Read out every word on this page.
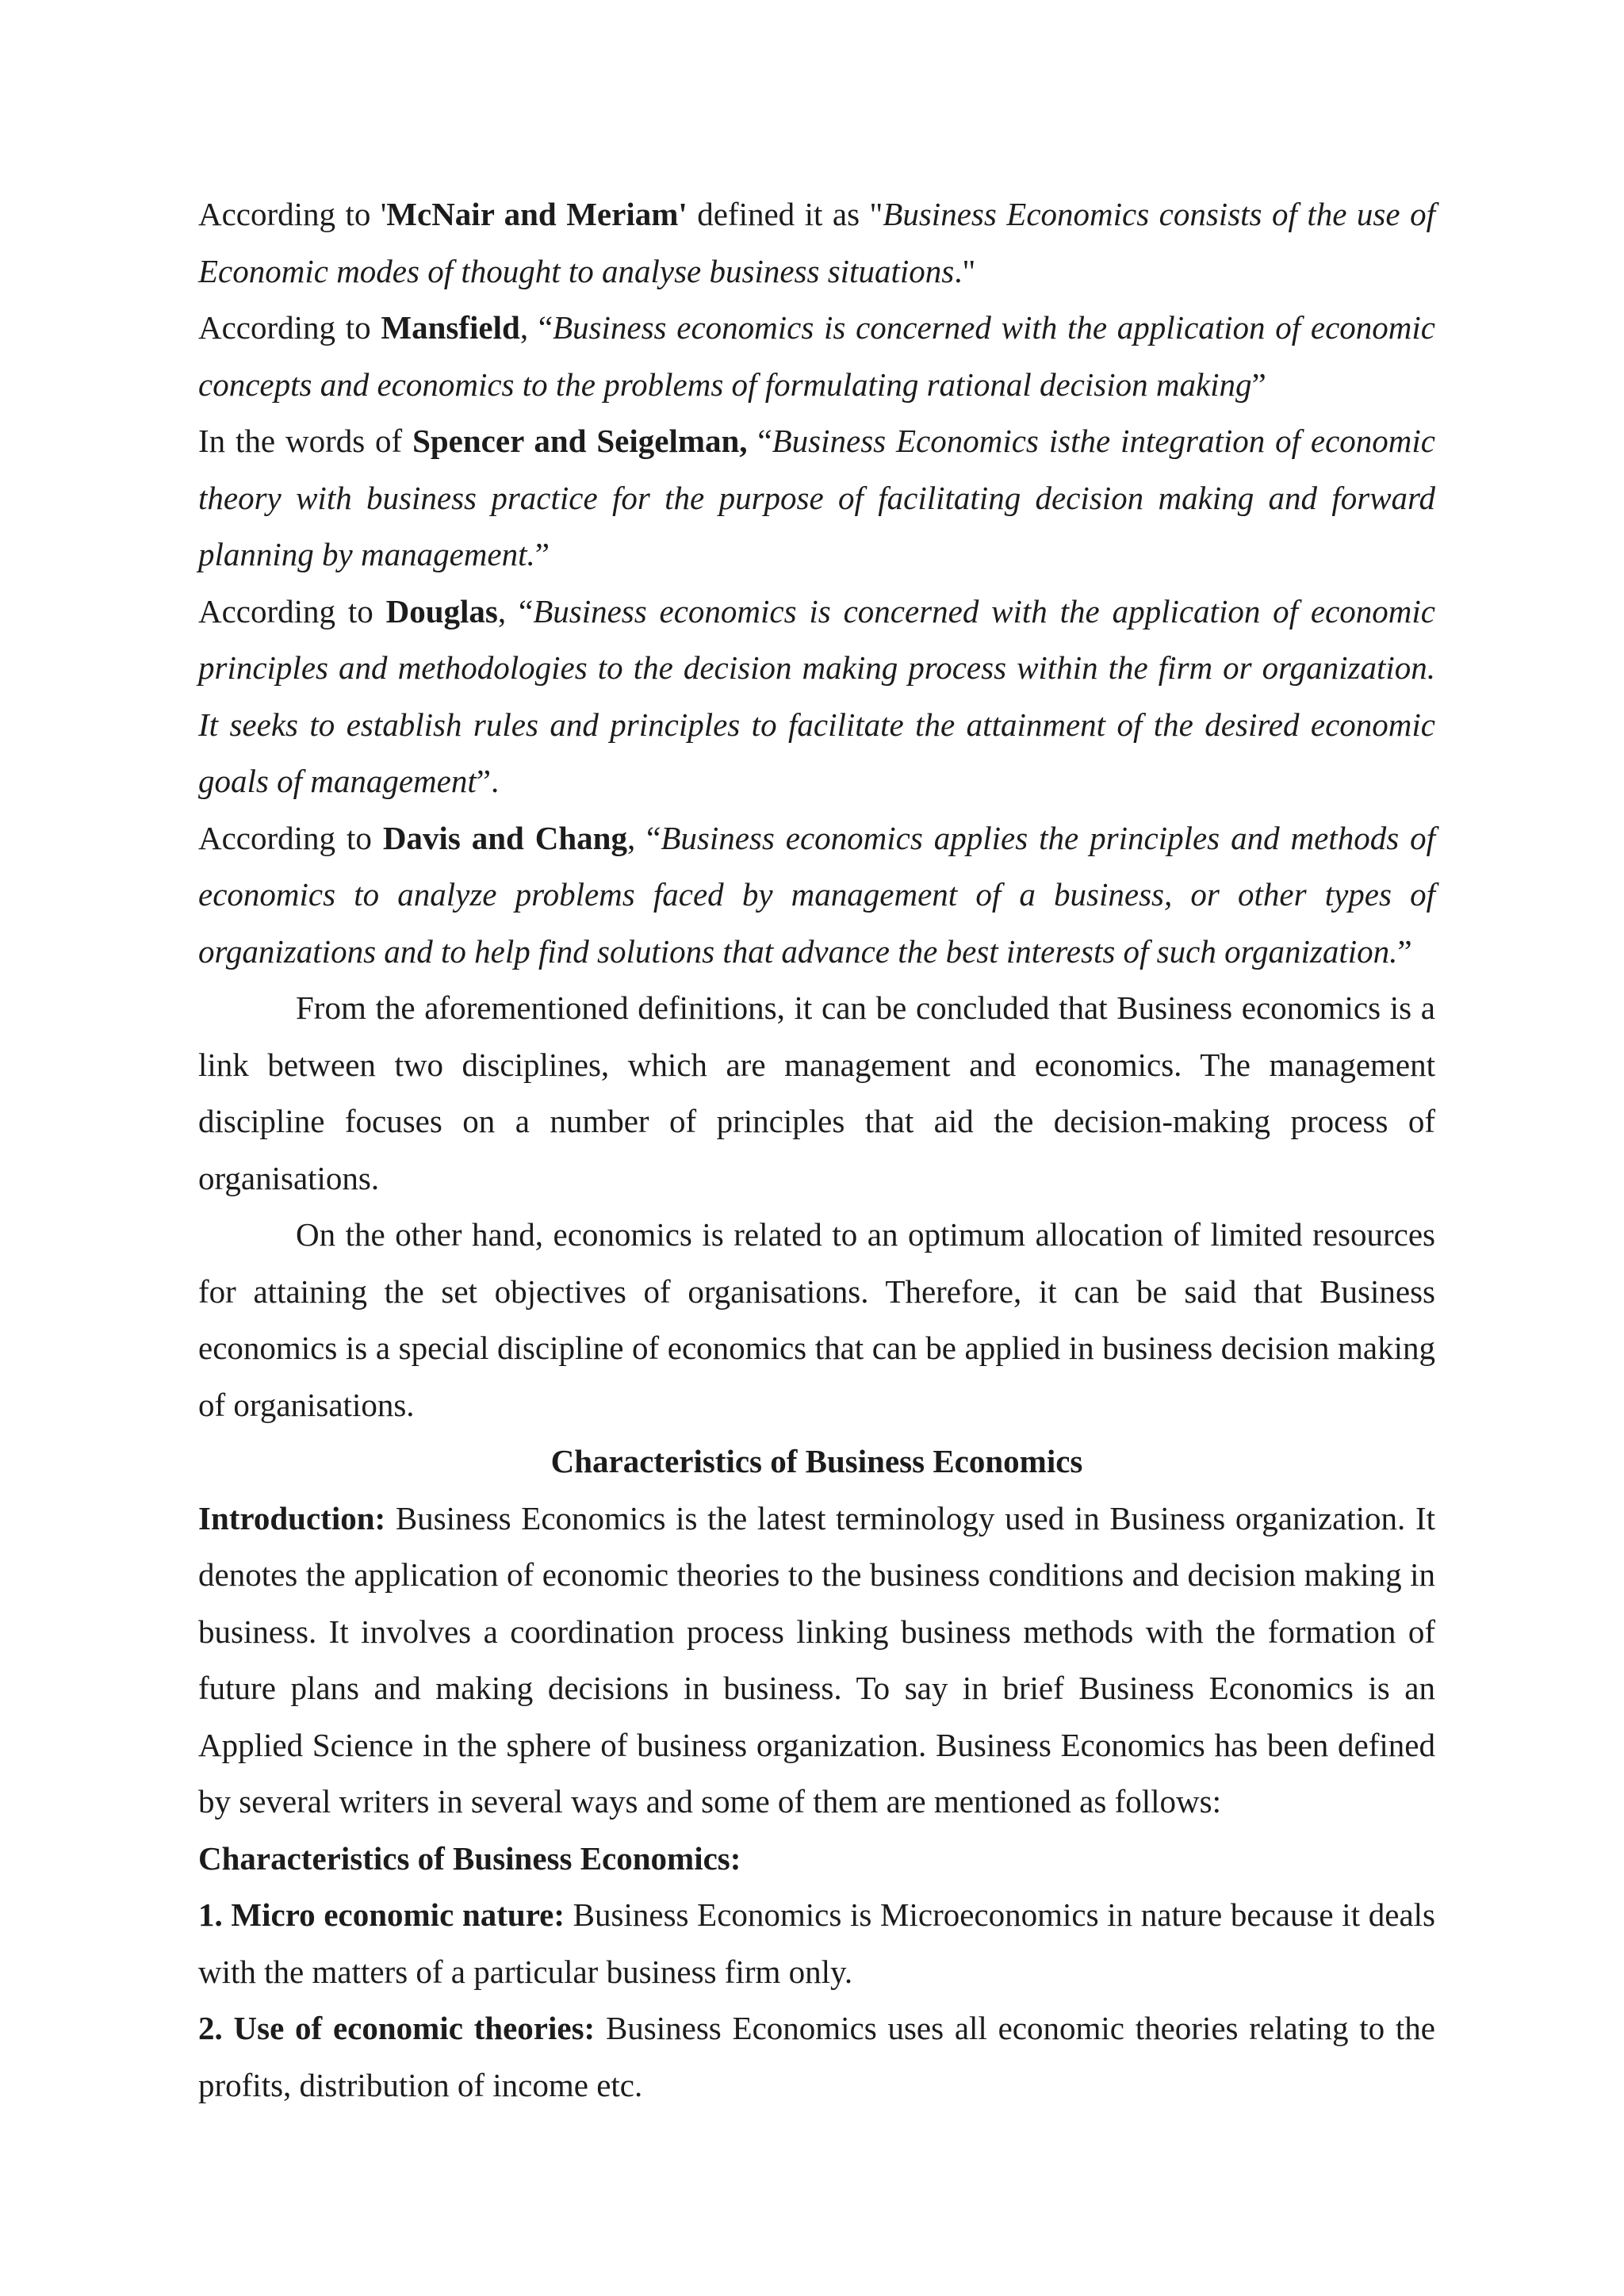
According to 'McNair and Meriam' defined it as "Business Economics consists of the use of Economic modes of thought to analyse business situations."

According to Mansfield, “Business economics is concerned with the application of economic concepts and economics to the problems of formulating rational decision making”

In the words of Spencer and Seigelman, “Business Economics isthe integration of economic theory with business practice for the purpose of facilitating decision making and forward planning by management.”

According to Douglas, “Business economics is concerned with the application of economic principles and methodologies to the decision making process within the firm or organization. It seeks to establish rules and principles to facilitate the attainment of the desired economic goals of management”.

According to Davis and Chang, “Business economics applies the principles and methods of economics to analyze problems faced by management of a business, or other types of organizations and to help find solutions that advance the best interests of such organization.”

From the aforementioned definitions, it can be concluded that Business economics is a link between two disciplines, which are management and economics. The management discipline focuses on a number of principles that aid the decision-making process of organisations.

On the other hand, economics is related to an optimum allocation of limited resources for attaining the set objectives of organisations. Therefore, it can be said that Business economics is a special discipline of economics that can be applied in business decision making of organisations.

Characteristics of Business Economics

Introduction: Business Economics is the latest terminology used in Business organization. It denotes the application of economic theories to the business conditions and decision making in business. It involves a coordination process linking business methods with the formation of future plans and making decisions in business. To say in brief Business Economics is an Applied Science in the sphere of business organization. Business Economics has been defined by several writers in several ways and some of them are mentioned as follows:

Characteristics of Business Economics:

1. Micro economic nature: Business Economics is Microeconomics in nature because it deals with the matters of a particular business firm only.

2. Use of economic theories: Business Economics uses all economic theories relating to the profits, distribution of income etc.
